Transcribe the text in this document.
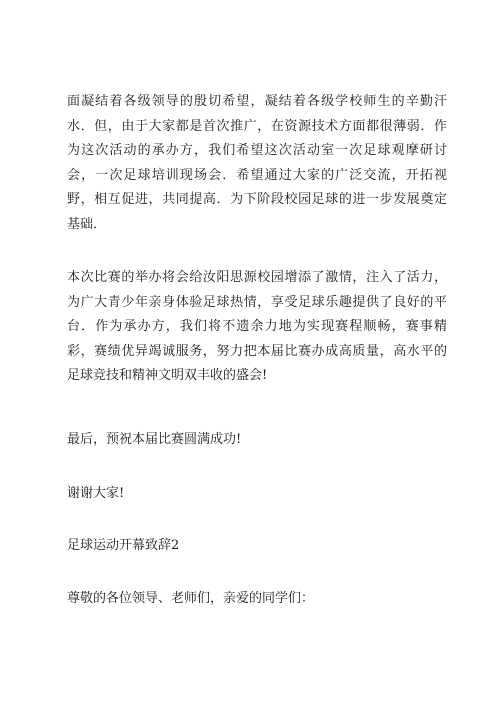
面凝结着各级领导的殷切希望，凝结着各级学校师生的辛勤汗
水．但，由于大家都是首次推广，在资源技术方面都很薄弱．作
为这次活动的承办方，我们希望这次活动室一次足球观摩研讨
会，一次足球培训现场会．希望通过大家的广泛交流，开拓视
野，相互促进，共同提高．为下阶段校园足球的进一步发展奠定
基础．
本次比赛的举办将会给汝阳思源校园增添了激情，注入了活力，
为广大青少年亲身体验足球热情，享受足球乐趣提供了良好的平
台．作为承办方，我们将不遗余力地为实现赛程顺畅，赛事精
彩，赛绩优异竭诚服务，努力把本届比赛办成高质量，高水平的
足球竞技和精神文明双丰收的盛会!
最后，预祝本届比赛圆满成功!
谢谢大家!
足球运动开幕致辞2
尊敬的各位领导、老师们，亲爱的同学们：
